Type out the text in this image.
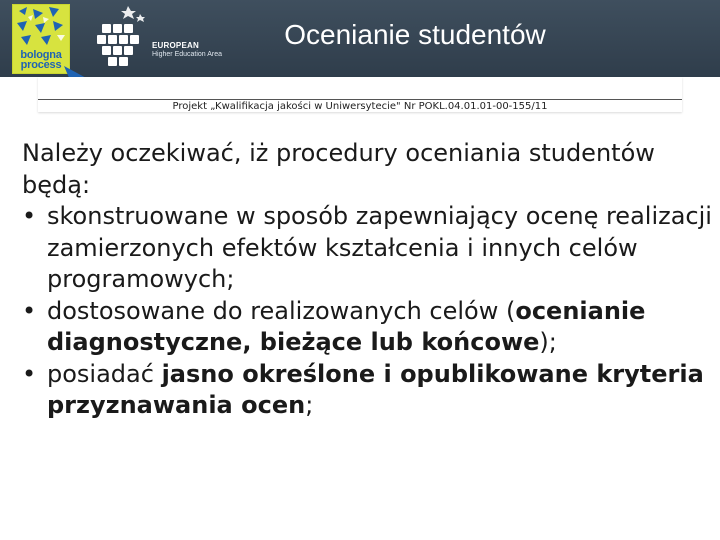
bologna
process
EUROPEAN
Higher Education Area
Ocenianie studentów
Projekt „Kwalifikacja jakości w Uniwersytecie" Nr POKL.04.01.01-00-155/11

Należy oczekiwać, iż procedury oceniania studentów będą:

• skonstruowane w sposób zapewniający ocenę realizacji zamierzonych efektów kształcenia i innych celów programowych;
• dostosowane do realizowanych celów (ocenianie diagnostyczne, bieżące lub końcowe);
• posiadać jasno określone i opublikowane kryteria przyznawania ocen;
